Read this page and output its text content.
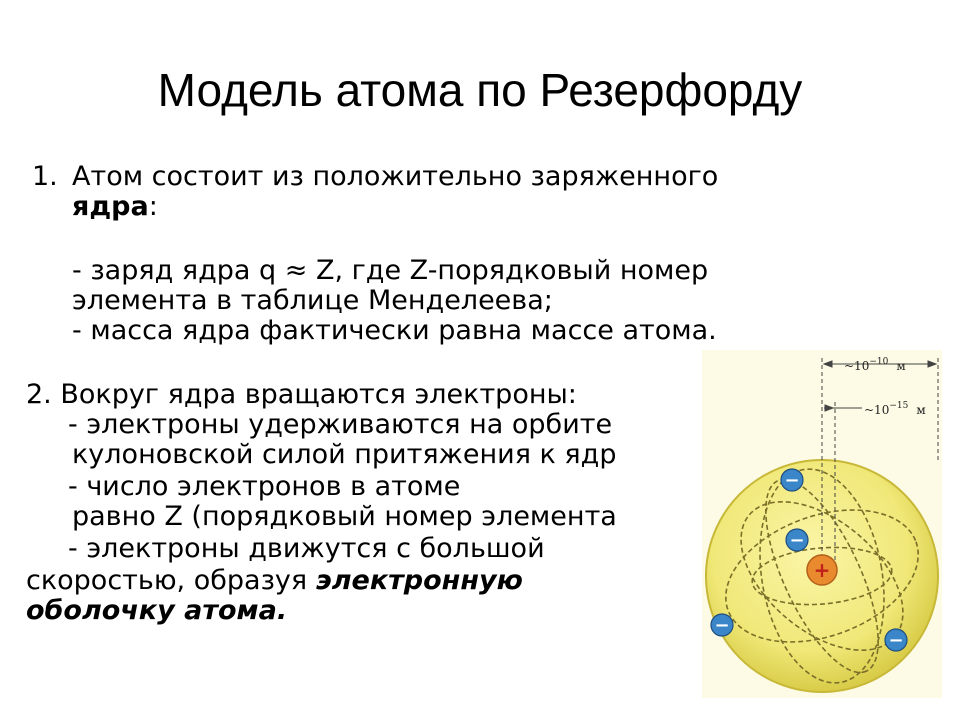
Модель атома по Резерфорду
1. Атом состоит из положительно заряженного
ядра:
- заряд ядра q ≈ Z, где Z-порядковый номер
элемента в таблице Менделеева;
- масса ядра фактически равна массе атома.
2. Вокруг ядра вращаются электроны:
- электроны удерживаются на орбите
кулоновской силой притяжения к ядр
- число электронов в атоме
равно Z (порядковый номер элемента
- электроны движутся с большой
скоростью, образуя электронную
оболочку атома.
$\sim 10^{-10}$ м
$\sim 10^{-15}$ м
+
−
−
−
−
